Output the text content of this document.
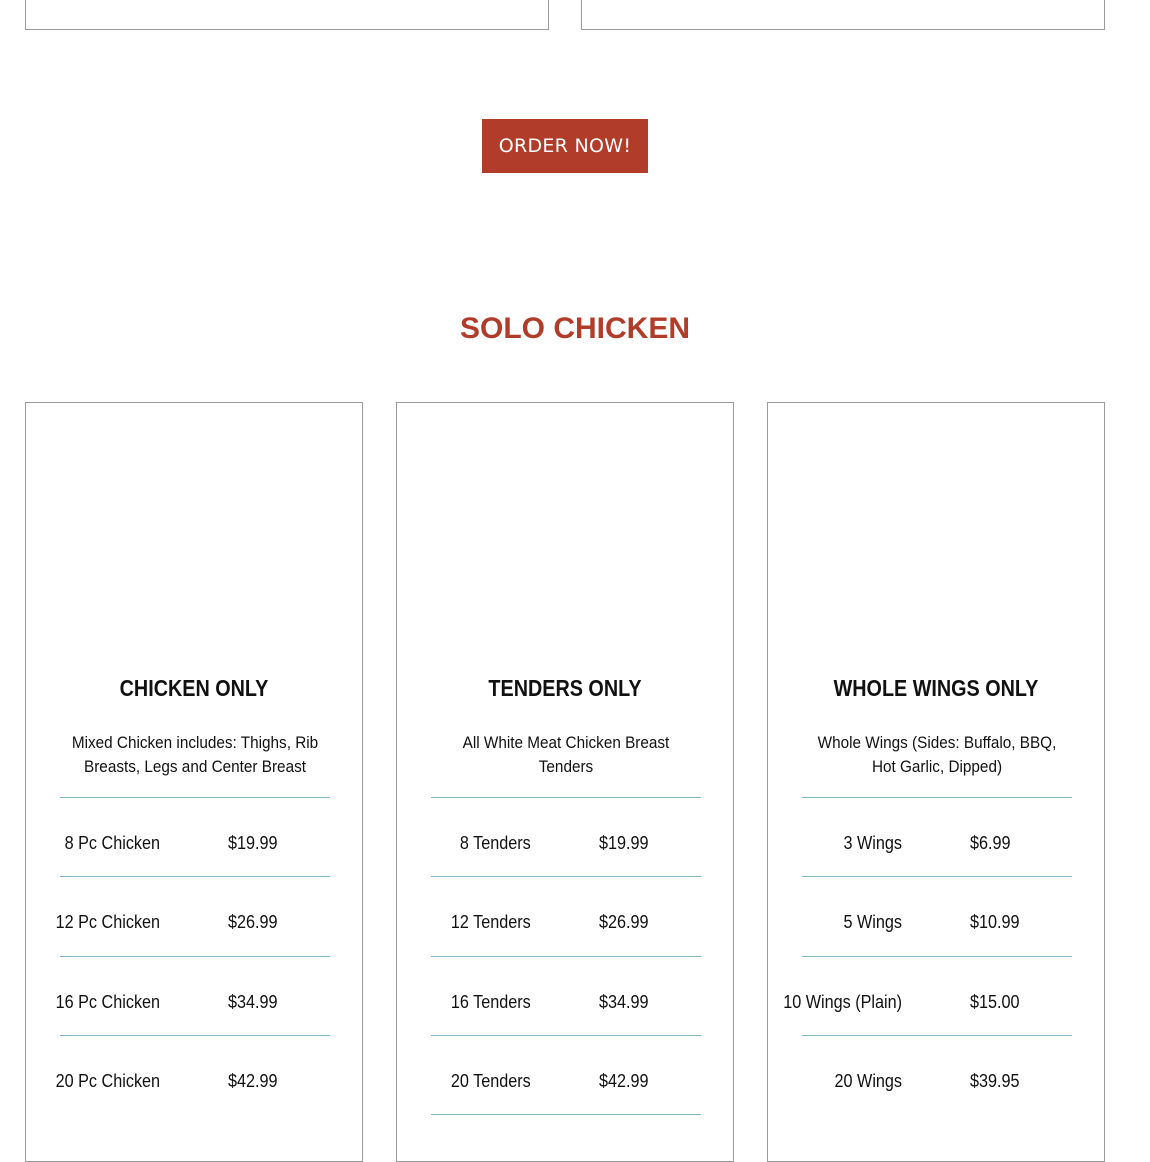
ORDER NOW!
SOLO CHICKEN
CHICKEN ONLY
Mixed Chicken includes: Thighs, Rib Breasts, Legs and Center Breast
8 Pc Chicken	$19.99
12 Pc Chicken	$26.99
16 Pc Chicken	$34.99
20 Pc Chicken	$42.99
TENDERS ONLY
All White Meat Chicken Breast Tenders
8 Tenders	$19.99
12 Tenders	$26.99
16 Tenders	$34.99
20 Tenders	$42.99
WHOLE WINGS ONLY
Whole Wings (Sides: Buffalo, BBQ, Hot Garlic, Dipped)
3 Wings	$6.99
5 Wings	$10.99
10 Wings (Plain)	$15.00
20 Wings	$39.95
